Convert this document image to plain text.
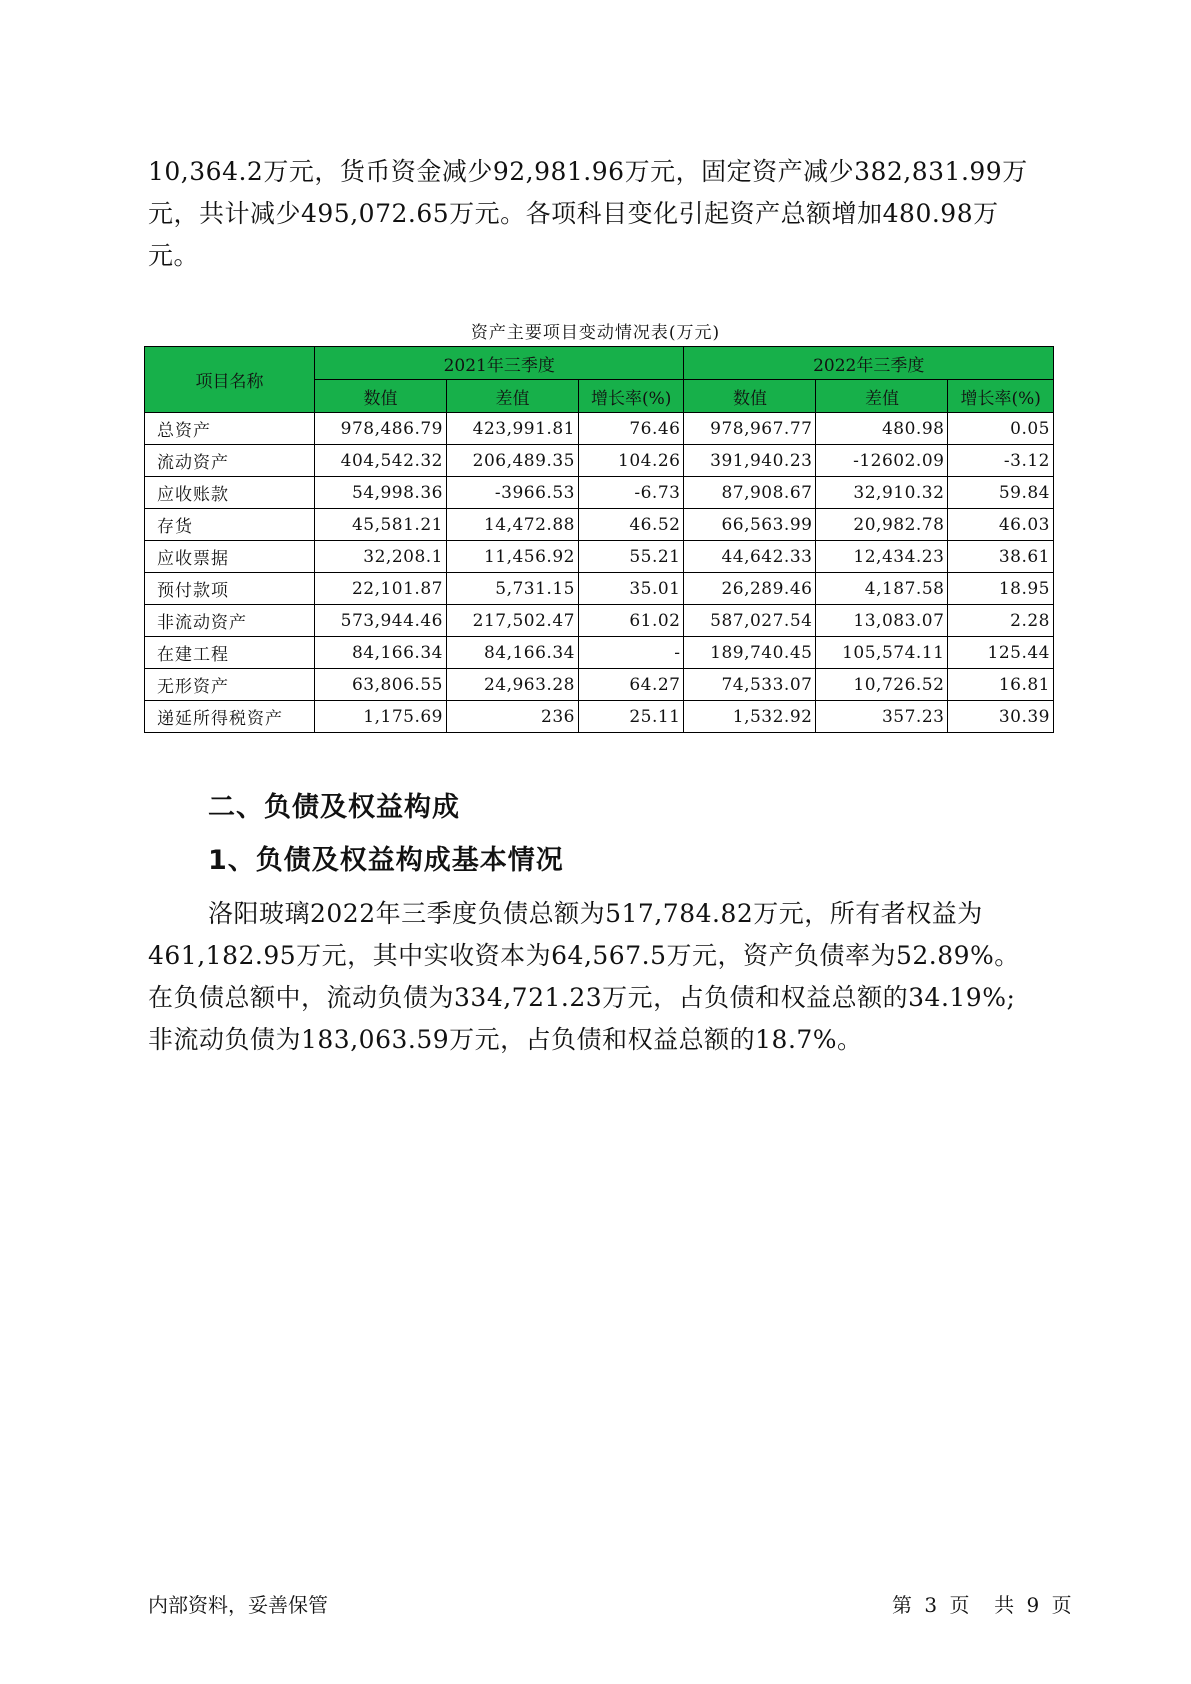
10,364.2万元，货币资金减少92,981.96万元，固定资产减少382,831.99万
元，共计减少495,072.65万元。各项科目变化引起资产总额增加480.98万
元。
资产主要项目变动情况表(万元)
项目名称	2021年三季度			2022年三季度		
	数值	差值	增长率(%)	数值	差值	增长率(%)
总资产	978,486.79	423,991.81	76.46	978,967.77	480.98	0.05
流动资产	404,542.32	206,489.35	104.26	391,940.23	-12602.09	-3.12
应收账款	54,998.36	-3966.53	-6.73	87,908.67	32,910.32	59.84
存货	45,581.21	14,472.88	46.52	66,563.99	20,982.78	46.03
应收票据	32,208.1	11,456.92	55.21	44,642.33	12,434.23	38.61
预付款项	22,101.87	5,731.15	35.01	26,289.46	4,187.58	18.95
非流动资产	573,944.46	217,502.47	61.02	587,027.54	13,083.07	2.28
在建工程	84,166.34	84,166.34	-	189,740.45	105,574.11	125.44
无形资产	63,806.55	24,963.28	64.27	74,533.07	10,726.52	16.81
递延所得税资产	1,175.69	236	25.11	1,532.92	357.23	30.39
二、负债及权益构成
1、负债及权益构成基本情况
洛阳玻璃2022年三季度负债总额为517,784.82万元，所有者权益为
461,182.95万元，其中实收资本为64,567.5万元，资产负债率为52.89%。
在负债总额中，流动负债为334,721.23万元，占负债和权益总额的34.19%;
非流动负债为183,063.59万元，占负债和权益总额的18.7%。
内部资料，妥善保管	第 3 页 共 9 页
